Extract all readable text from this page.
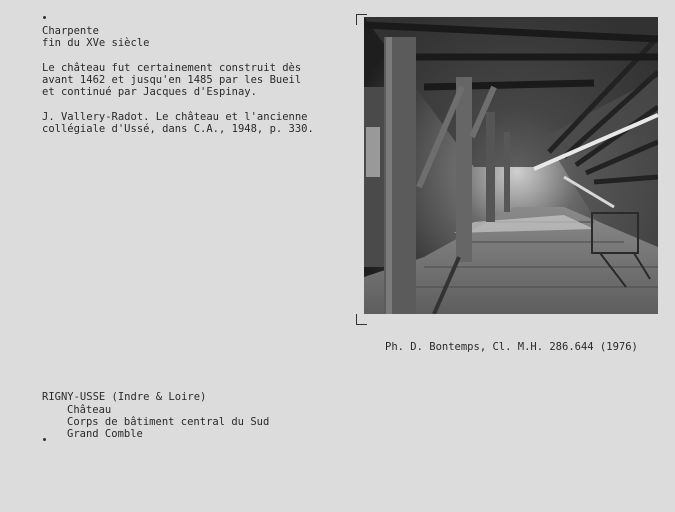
Charpente
fin du XVe siècle
Le château fut certainement construit dès
avant 1462 et jusqu'en 1485 par les Bueil
et continué par Jacques d'Espinay.
J. Vallery-Radot. Le château et l'ancienne
collégiale d'Ussé, dans C.A., 1948, p. 330.
Ph. D. Bontemps, Cl. M.H. 286.644 (1976)
RIGNY-USSE (Indre & Loire)
Château
Corps de bâtiment central du Sud
Grand Comble
